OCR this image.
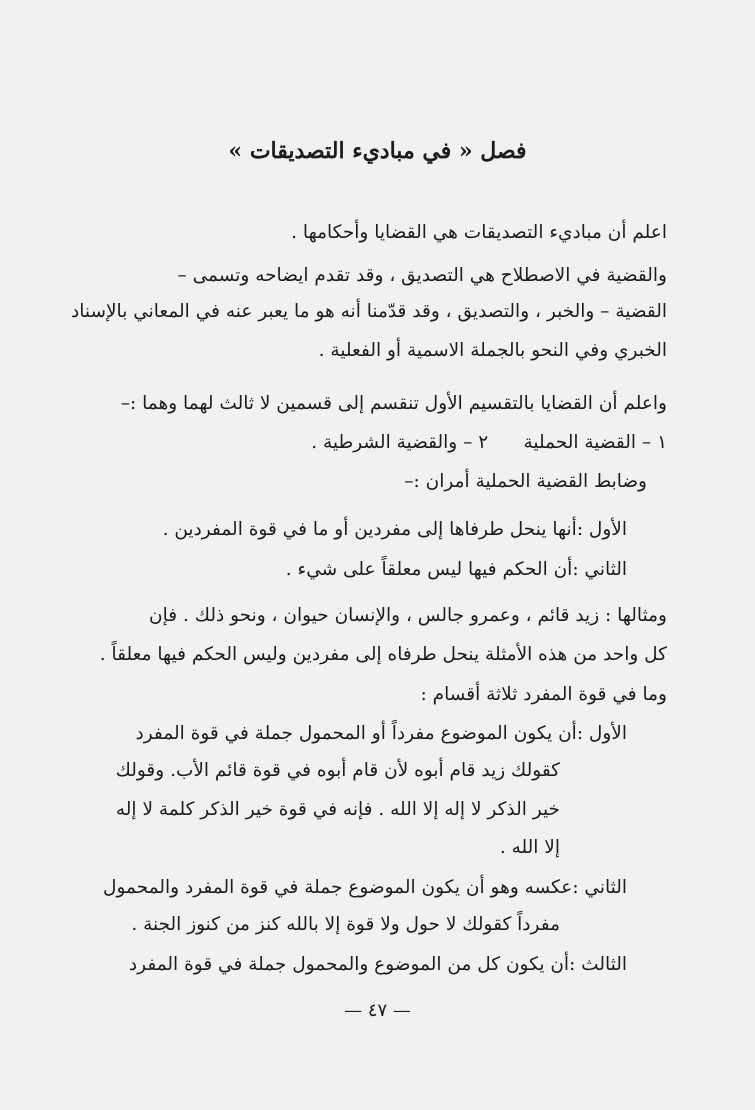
فصل « في مباديء التصديقات »
اعلم أن مباديء التصديقات هي القضايا وأحكامها .
والقضية في الاصطلاح هي التصديق ، وقد تقدم ايضاحه وتسمى –
القضية – والخبر ، والتصديق ، وقد قدّمنا أنه هو ما يعبر عنه في المعاني بالإسناد
الخبري وفي النحو بالجملة الاسمية أو الفعلية .
واعلم أن القضايا بالتقسيم الأول تنقسم إلى قسمين لا ثالث لهما وهما :–
١ – القضية الحملية      ٢ – والقضية الشرطية .
وضابط القضية الحملية أمران :–
الأول :أنها ينحل طرفاها إلى مفردين أو ما في قوة المفردين .
الثاني :أن الحكم فيها ليس معلقاً على شيء .
ومثالها : زيد قائم ، وعمرو جالس ، والإنسان حيوان ، ونحو ذلك . فإن
كل واحد من هذه الأمثلة ينحل طرفاه إلى مفردين وليس الحكم فيها معلقاً .
وما في قوة المفرد ثلاثة أقسام :
الأول :أن يكون الموضوع مفرداً أو المحمول جملة في قوة المفرد
كقولك زيد قام أبوه لأن قام أبوه في قوة قائم الأب. وقولك
خير الذكر لا إله إلا الله . فإنه في قوة خير الذكر كلمة لا إله
إلا الله .
الثاني :عكسه وهو أن يكون الموضوع جملة في قوة المفرد والمحمول
مفرداً كقولك لا حول ولا قوة إلا بالله كنز من كنوز الجنة .
الثالث :أن يكون كل من الموضوع والمحمول جملة في قوة المفرد
— ٤٧ —
